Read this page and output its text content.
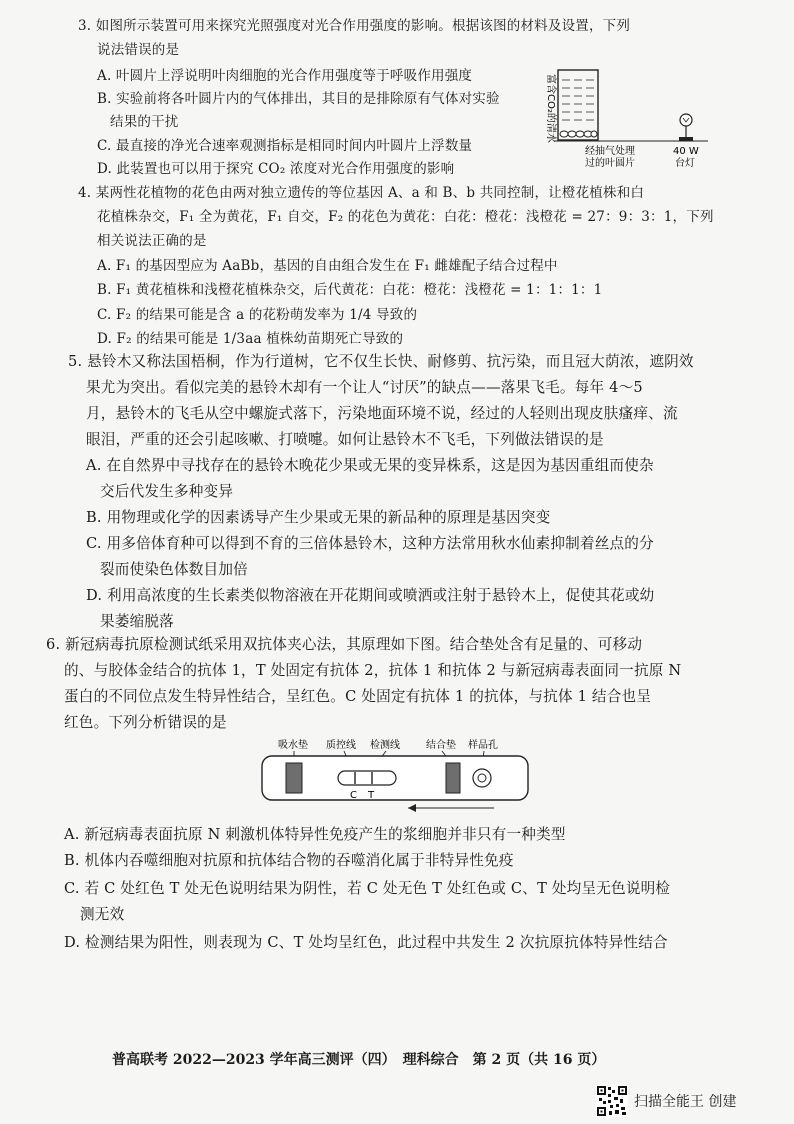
3. 如图所示装置可用来探究光照强度对光合作用强度的影响。根据该图的材料及设置，下列
说法错误的是
A. 叶圆片上浮说明叶肉细胞的光合作用强度等于呼吸作用强度
B. 实验前将各叶圆片内的气体排出，其目的是排除原有气体对实验
结果的干扰
C. 最直接的净光合速率观测指标是相同时间内叶圆片上浮数量
D. 此装置也可以用于探究 CO₂ 浓度对光合作用强度的影响
富含CO₂的清水
经抽气处理
过的叶圆片
40 W
台灯
4. 某两性花植物的花色由两对独立遗传的等位基因 A、a 和 B、b 共同控制，让橙花植株和白
花植株杂交，F₁ 全为黄花，F₁ 自交，F₂ 的花色为黄花：白花：橙花：浅橙花 = 27：9：3：1，下列
相关说法正确的是
A. F₁ 的基因型应为 AaBb，基因的自由组合发生在 F₁ 雌雄配子结合过程中
B. F₁ 黄花植株和浅橙花植株杂交，后代黄花：白花：橙花：浅橙花 = 1：1：1：1
C. F₂ 的结果可能是含 a 的花粉萌发率为 1/4 导致的
D. F₂ 的结果可能是 1/3aa 植株幼苗期死亡导致的
5. 悬铃木又称法国梧桐，作为行道树，它不仅生长快、耐修剪、抗污染，而且冠大荫浓，遮阴效
果尤为突出。看似完美的悬铃木却有一个让人“讨厌”的缺点——落果飞毛。每年 4～5
月，悬铃木的飞毛从空中螺旋式落下，污染地面环境不说，经过的人轻则出现皮肤瘙痒、流
眼泪，严重的还会引起咳嗽、打喷嚏。如何让悬铃木不飞毛，下列做法错误的是
A. 在自然界中寻找存在的悬铃木晚花少果或无果的变异株系，这是因为基因重组而使杂
交后代发生多种变异
B. 用物理或化学的因素诱导产生少果或无果的新品种的原理是基因突变
C. 用多倍体育种可以得到不育的三倍体悬铃木，这种方法常用秋水仙素抑制着丝点的分
裂而使染色体数目加倍
D. 利用高浓度的生长素类似物溶液在开花期间或喷洒或注射于悬铃木上，促使其花或幼
果萎缩脱落
6. 新冠病毒抗原检测试纸采用双抗体夹心法，其原理如下图。结合垫处含有足量的、可移动
的、与胶体金结合的抗体 1，T 处固定有抗体 2，抗体 1 和抗体 2 与新冠病毒表面同一抗原 N
蛋白的不同位点发生特异性结合，呈红色。C 处固定有抗体 1 的抗体，与抗体 1 结合也呈
红色。下列分析错误的是
吸水垫 质控线 检测线	结合垫 样品孔
C T
A. 新冠病毒表面抗原 N 刺激机体特异性免疫产生的浆细胞并非只有一种类型
B. 机体内吞噬细胞对抗原和抗体结合物的吞噬消化属于非特异性免疫
C. 若 C 处红色 T 处无色说明结果为阴性，若 C 处无色 T 处红色或 C、T 处均呈无色说明检
测无效
D. 检测结果为阳性，则表现为 C、T 处均呈红色，此过程中共发生 2 次抗原抗体特异性结合
普高联考 2022—2023 学年高三测评（四）　理科综合　第 2 页（共 16 页）
扫描全能王 创建
